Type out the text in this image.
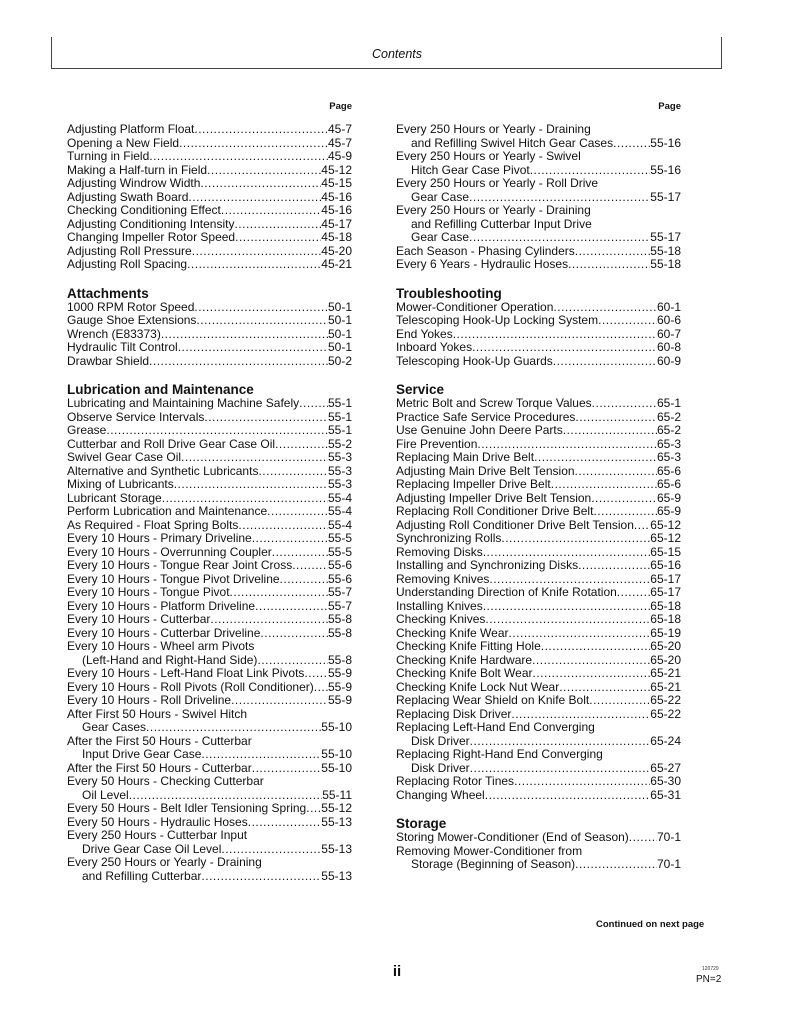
Contents
Page
Adjusting Platform Float .....	45-7
Opening a New Field .....	45-7
Turning in Field .....	45-9
Making a Half-turn in Field .....	45-12
Adjusting Windrow Width .....	45-15
Adjusting Swath Board .....	45-16
Checking Conditioning Effect .....	45-16
Adjusting Conditioning Intensity .....	45-17
Changing Impeller Rotor Speed .....	45-18
Adjusting Roll Pressure .....	45-20
Adjusting Roll Spacing .....	45-21
Attachments
1000 RPM Rotor Speed .....	50-1
Gauge Shoe Extensions .....	50-1
Wrench (E83373) .....	50-1
Hydraulic Tilt Control .....	50-1
Drawbar Shield .....	50-2
Lubrication and Maintenance
Lubricating and Maintaining Machine Safely ..... 55-1
Observe Service Intervals .....	55-1
Grease .....	55-1
Cutterbar and Roll Drive Gear Case Oil .....	55-2
Swivel Gear Case Oil .....	55-3
Alternative and Synthetic Lubricants .....	55-3
Mixing of Lubricants .....	55-3
Lubricant Storage .....	55-4
Perform Lubrication and Maintenance .....	55-4
As Required - Float Spring Bolts .....	55-4
Every 10 Hours - Primary Driveline .....	55-5
Every 10 Hours - Overrunning Coupler .....	55-5
Every 10 Hours - Tongue Rear Joint Cross .....	55-6
Every 10 Hours - Tongue Pivot Driveline .....	55-6
Every 10 Hours - Tongue Pivot .....	55-7
Every 10 Hours - Platform Driveline .....	55-7
Every 10 Hours - Cutterbar .....	55-8
Every 10 Hours - Cutterbar Driveline .....	55-8
Every 10 Hours - Wheel arm Pivots
(Left-Hand and Right-Hand Side) .....	55-8
Every 10 Hours - Left-Hand Float Link Pivots ..... 55-9
Every 10 Hours - Roll Pivots (Roll Conditioner) ..... 55-9
Every 10 Hours - Roll Driveline .....	55-9
After First 50 Hours - Swivel Hitch
Gear Cases .....	55-10
After the First 50 Hours - Cutterbar
Input Drive Gear Case .....	55-10
After the First 50 Hours - Cutterbar .....	55-10
Every 50 Hours - Checking Cutterbar
Oil Level .....	55-11
Every 50 Hours - Belt Idler Tensioning Spring ..... 55-12
Every 50 Hours - Hydraulic Hoses .....	55-13
Every 250 Hours - Cutterbar Input
Drive Gear Case Oil Level .....	55-13
Every 250 Hours or Yearly - Draining
and Refilling Cutterbar .....	55-13
Page
Every 250 Hours or Yearly - Draining
and Refilling Swivel Hitch Gear Cases .....	55-16
Every 250 Hours or Yearly - Swivel
Hitch Gear Case Pivot .....	55-16
Every 250 Hours or Yearly - Roll Drive
Gear Case .....	55-17
Every 250 Hours or Yearly - Draining
and Refilling Cutterbar Input Drive
Gear Case .....	55-17
Each Season - Phasing Cylinders .....	55-18
Every 6 Years - Hydraulic Hoses .....	55-18
Troubleshooting
Mower-Conditioner Operation .....	60-1
Telescoping Hook-Up Locking System .....	60-6
End Yokes .....	60-7
Inboard Yokes .....	60-8
Telescoping Hook-Up Guards .....	60-9
Service
Metric Bolt and Screw Torque Values .....	65-1
Practice Safe Service Procedures .....	65-2
Use Genuine John Deere Parts .....	65-2
Fire Prevention .....	65-3
Replacing Main Drive Belt .....	65-3
Adjusting Main Drive Belt Tension .....	65-6
Replacing Impeller Drive Belt .....	65-6
Adjusting Impeller Drive Belt Tension .....	65-9
Replacing Roll Conditioner Drive Belt .....	65-9
Adjusting Roll Conditioner Drive Belt Tension ..... 65-12
Synchronizing Rolls .....	65-12
Removing Disks .....	65-15
Installing and Synchronizing Disks .....	65-16
Removing Knives .....	65-17
Understanding Direction of Knife Rotation .....	65-17
Installing Knives .....	65-18
Checking Knives .....	65-18
Checking Knife Wear .....	65-19
Checking Knife Fitting Hole .....	65-20
Checking Knife Hardware .....	65-20
Checking Knife Bolt Wear .....	65-21
Checking Knife Lock Nut Wear .....	65-21
Replacing Wear Shield on Knife Bolt .....	65-22
Replacing Disk Driver .....	65-22
Replacing Left-Hand End Converging
Disk Driver .....	65-24
Replacing Right-Hand End Converging
Disk Driver .....	65-27
Replacing Rotor Tines .....	65-30
Changing Wheel .....	65-31
Storage
Storing Mower-Conditioner (End of Season) ..... 70-1
Removing Mower-Conditioner from
Storage (Beginning of Season) .....	70-1
Continued on next page
ii	120729
PN=2
